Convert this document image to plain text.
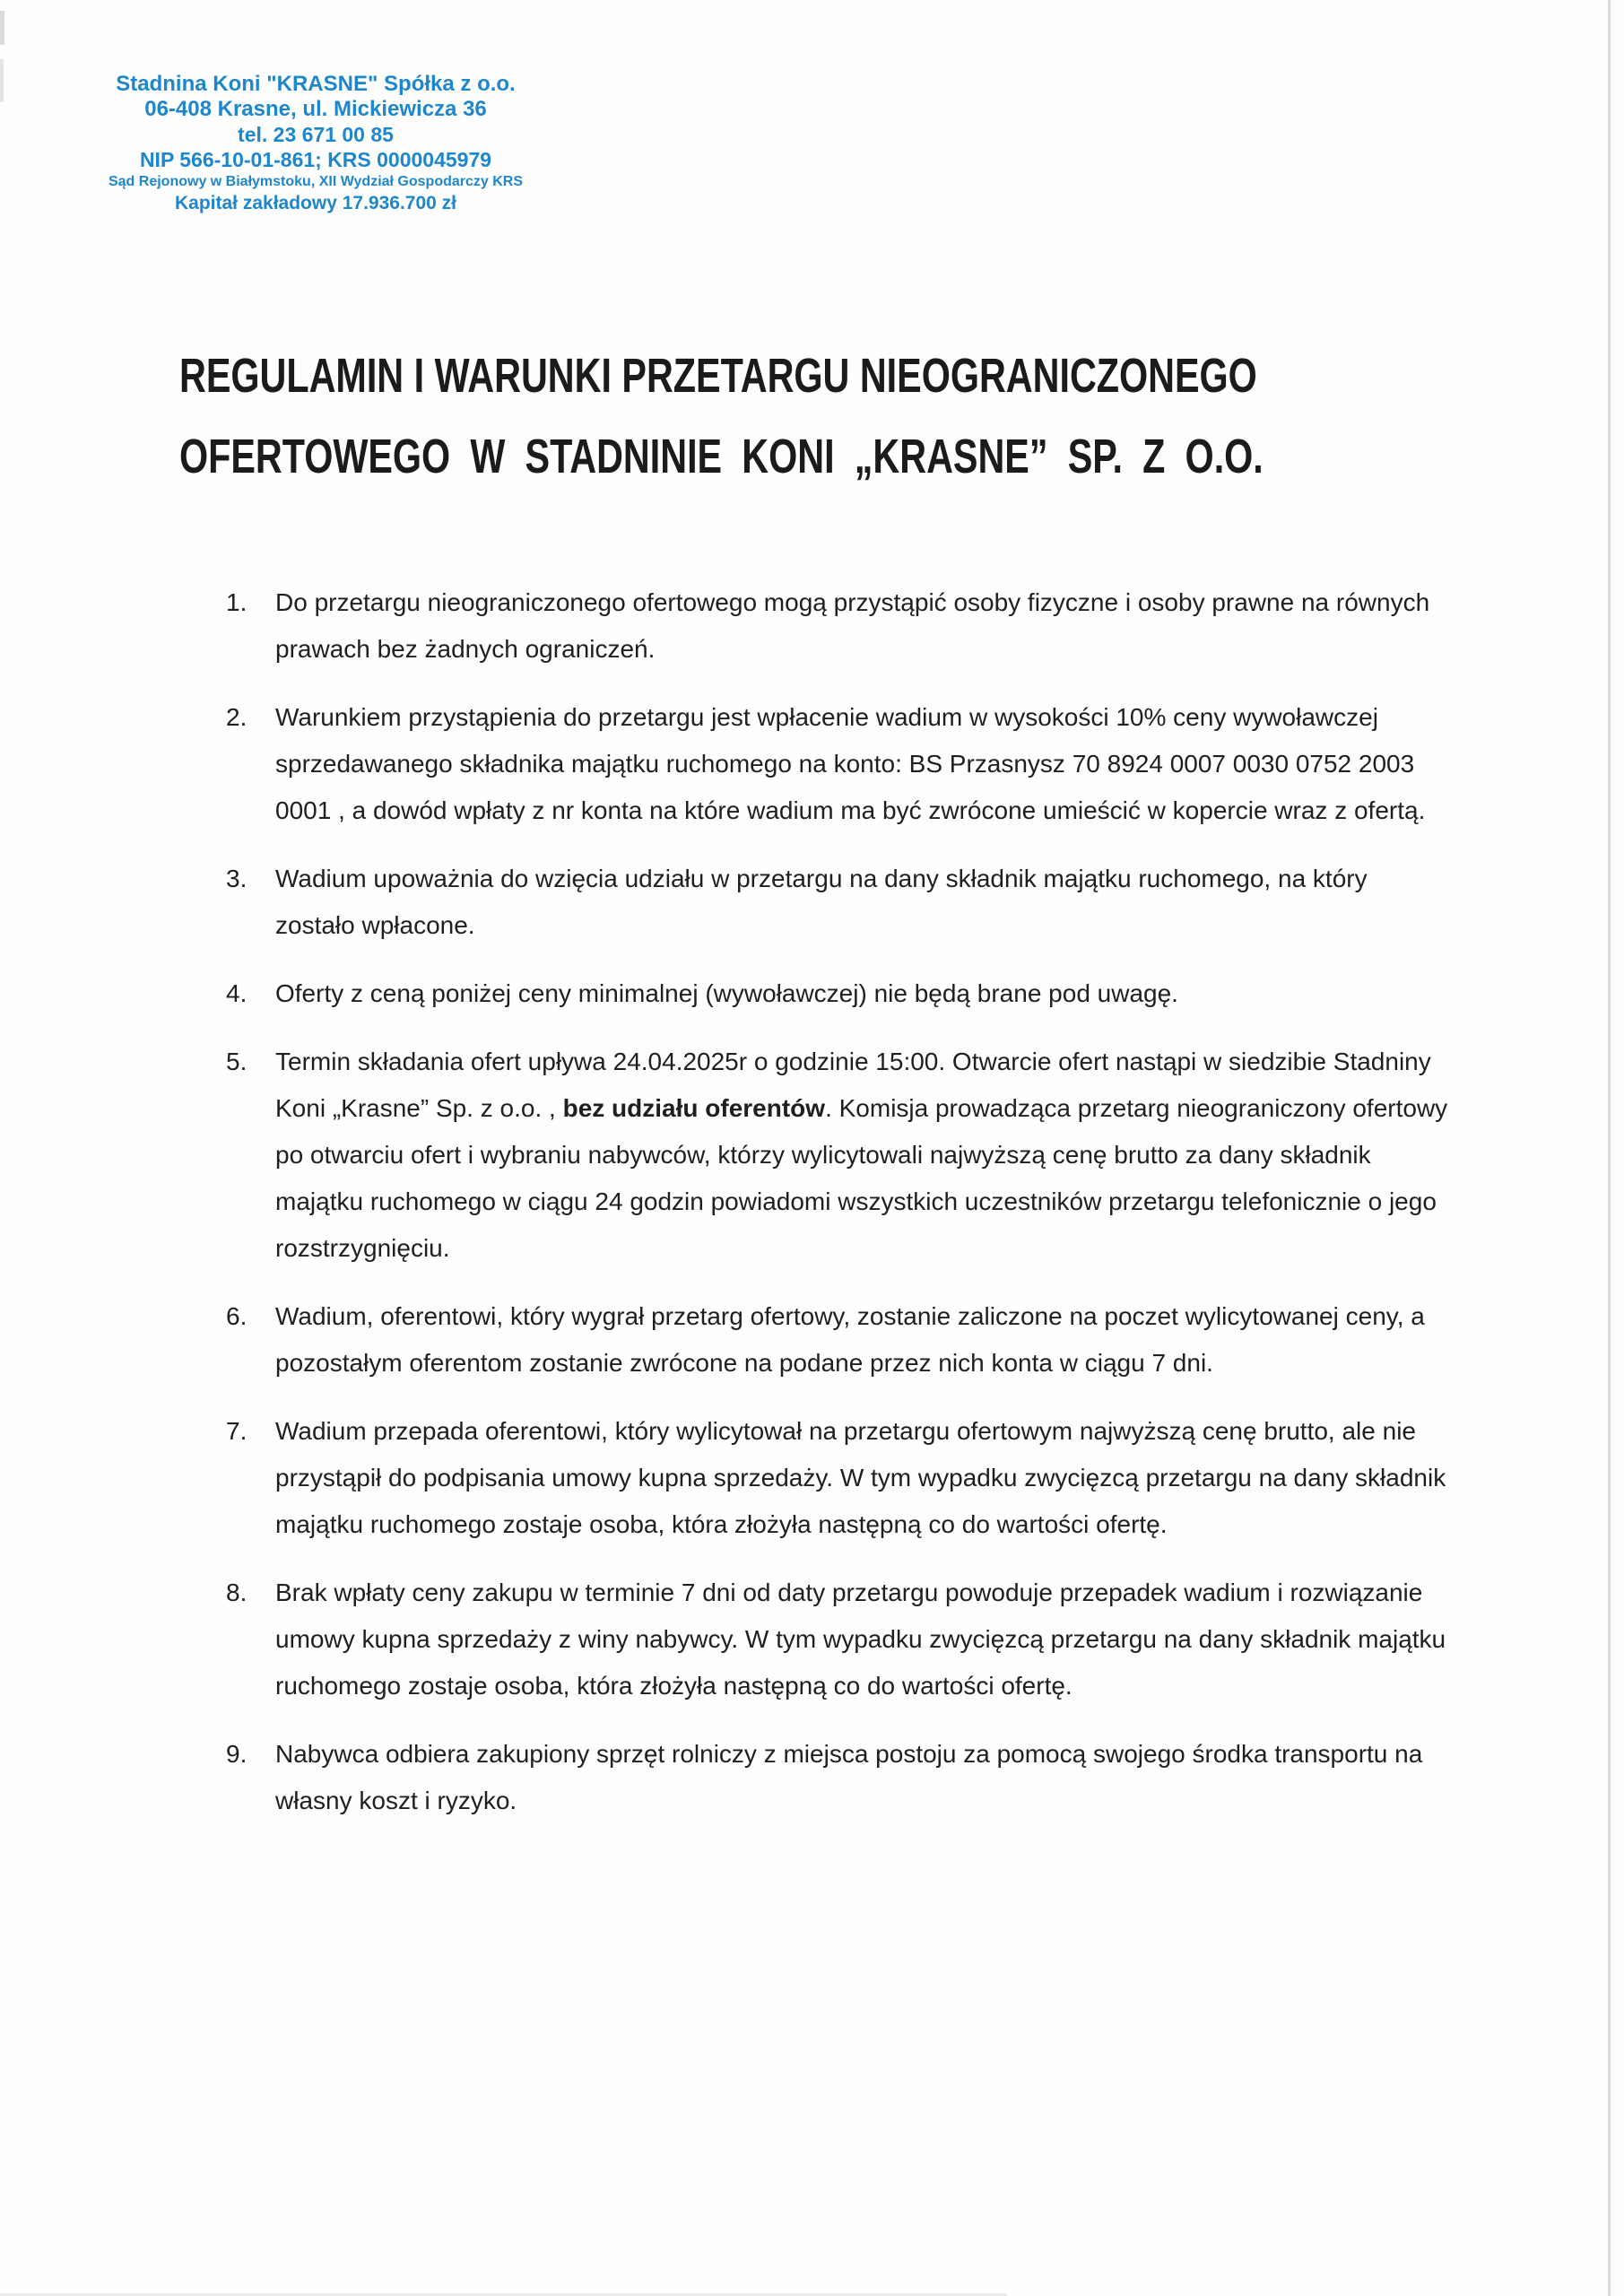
Stadnina Koni "KRASNE" Spółka z o.o.
06-408 Krasne, ul. Mickiewicza 36
tel. 23 671 00 85
NIP 566-10-01-861; KRS 0000045979
Sąd Rejonowy w Białymstoku, XII Wydział Gospodarczy KRS
Kapitał zakładowy 17.936.700 zł
REGULAMIN I WARUNKI PRZETARGU NIEOGRANICZONEGO
OFERTOWEGO W STADNINIE KONI „KRASNE” SP. Z O.O.
1. Do przetargu nieograniczonego ofertowego mogą przystąpić osoby fizyczne i osoby prawne na równych prawach bez żadnych ograniczeń.
2. Warunkiem przystąpienia do przetargu jest wpłacenie wadium w wysokości 10% ceny wywoławczej sprzedawanego składnika majątku ruchomego na konto: BS Przasnysz 70 8924 0007 0030 0752 2003 0001 , a dowód wpłaty z nr konta na które wadium ma być zwrócone umieścić w kopercie wraz z ofertą.
3. Wadium upoważnia do wzięcia udziału w przetargu na dany składnik majątku ruchomego, na który zostało wpłacone.
4. Oferty z ceną poniżej ceny minimalnej (wywoławczej) nie będą brane pod uwagę.
5. Termin składania ofert upływa 24.04.2025r o godzinie 15:00. Otwarcie ofert nastąpi w siedzibie Stadniny Koni „Krasne” Sp. z o.o. , bez udziału oferentów. Komisja prowadząca przetarg nieograniczony ofertowy po otwarciu ofert i wybraniu nabywców, którzy wylicytowali najwyższą cenę brutto za dany składnik majątku ruchomego w ciągu 24 godzin powiadomi wszystkich uczestników przetargu telefonicznie o jego rozstrzygnięciu.
6. Wadium, oferentowi, który wygrał przetarg ofertowy, zostanie zaliczone na poczet wylicytowanej ceny, a pozostałym oferentom zostanie zwrócone na podane przez nich konta w ciągu 7 dni.
7. Wadium przepada oferentowi, który wylicytował na przetargu ofertowym najwyższą cenę brutto, ale nie przystąpił do podpisania umowy kupna sprzedaży. W tym wypadku zwycięzcą przetargu na dany składnik majątku ruchomego zostaje osoba, która złożyła następną co do wartości ofertę.
8. Brak wpłaty ceny zakupu w terminie 7 dni od daty przetargu powoduje przepadek wadium i rozwiązanie umowy kupna sprzedaży z winy nabywcy. W tym wypadku zwycięzcą przetargu na dany składnik majątku ruchomego zostaje osoba, która złożyła następną co do wartości ofertę.
9. Nabywca odbiera zakupiony sprzęt rolniczy z miejsca postoju za pomocą swojego środka transportu na własny koszt i ryzyko.
